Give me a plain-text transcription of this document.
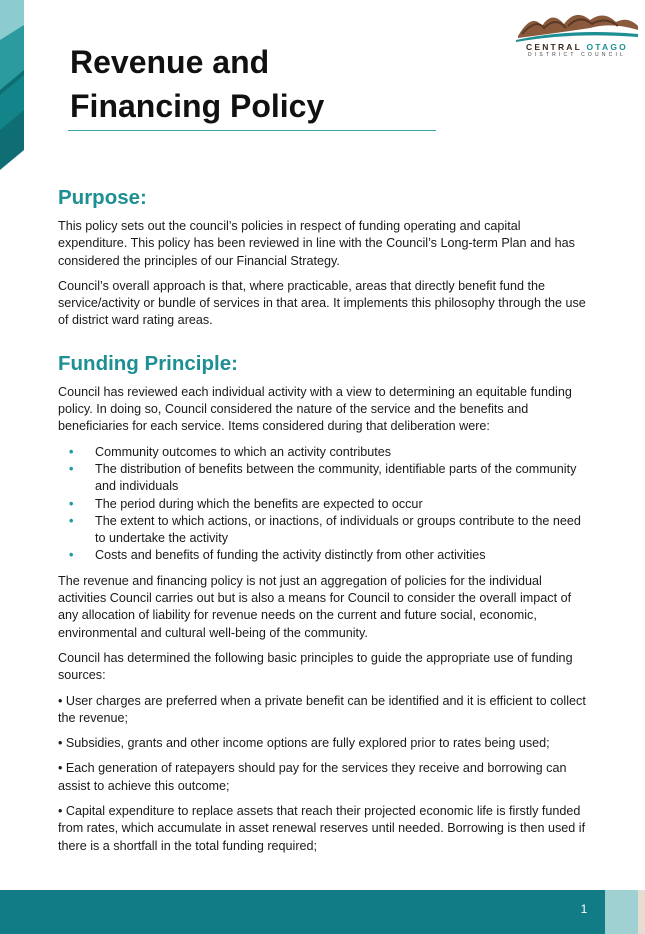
CENTRAL OTAGO
DISTRICT COUNCIL
Revenue and
Financing Policy
Purpose:

This policy sets out the council’s policies in respect of funding operating and capital expenditure. This policy has been reviewed in line with the Council’s Long-term Plan and has considered the principles of our Financial Strategy.

Council’s overall approach is that, where practicable, areas that directly benefit fund the service/activity or bundle of services in that area. It implements this philosophy through the use of district ward rating areas.

Funding Principle:

Council has reviewed each individual activity with a view to determining an equitable funding policy. In doing so, Council considered the nature of the service and the benefits and beneficiaries for each service. Items considered during that deliberation were:

• Community outcomes to which an activity contributes
• The distribution of benefits between the community, identifiable parts of the community and individuals
• The period during which the benefits are expected to occur
• The extent to which actions, or inactions, of individuals or groups contribute to the need to undertake the activity
• Costs and benefits of funding the activity distinctly from other activities

The revenue and financing policy is not just an aggregation of policies for the individual activities Council carries out but is also a means for Council to consider the overall impact of any allocation of liability for revenue needs on the current and future social, economic, environmental and cultural well-being of the community.

Council has determined the following basic principles to guide the appropriate use of funding sources:

• User charges are preferred when a private benefit can be identified and it is efficient to collect the revenue;

• Subsidies, grants and other income options are fully explored prior to rates being used;

• Each generation of ratepayers should pay for the services they receive and borrowing can assist to achieve this outcome;

• Capital expenditure to replace assets that reach their projected economic life is firstly funded from rates, which accumulate in asset renewal reserves until needed. Borrowing is then used if there is a shortfall in the total funding required;

1
